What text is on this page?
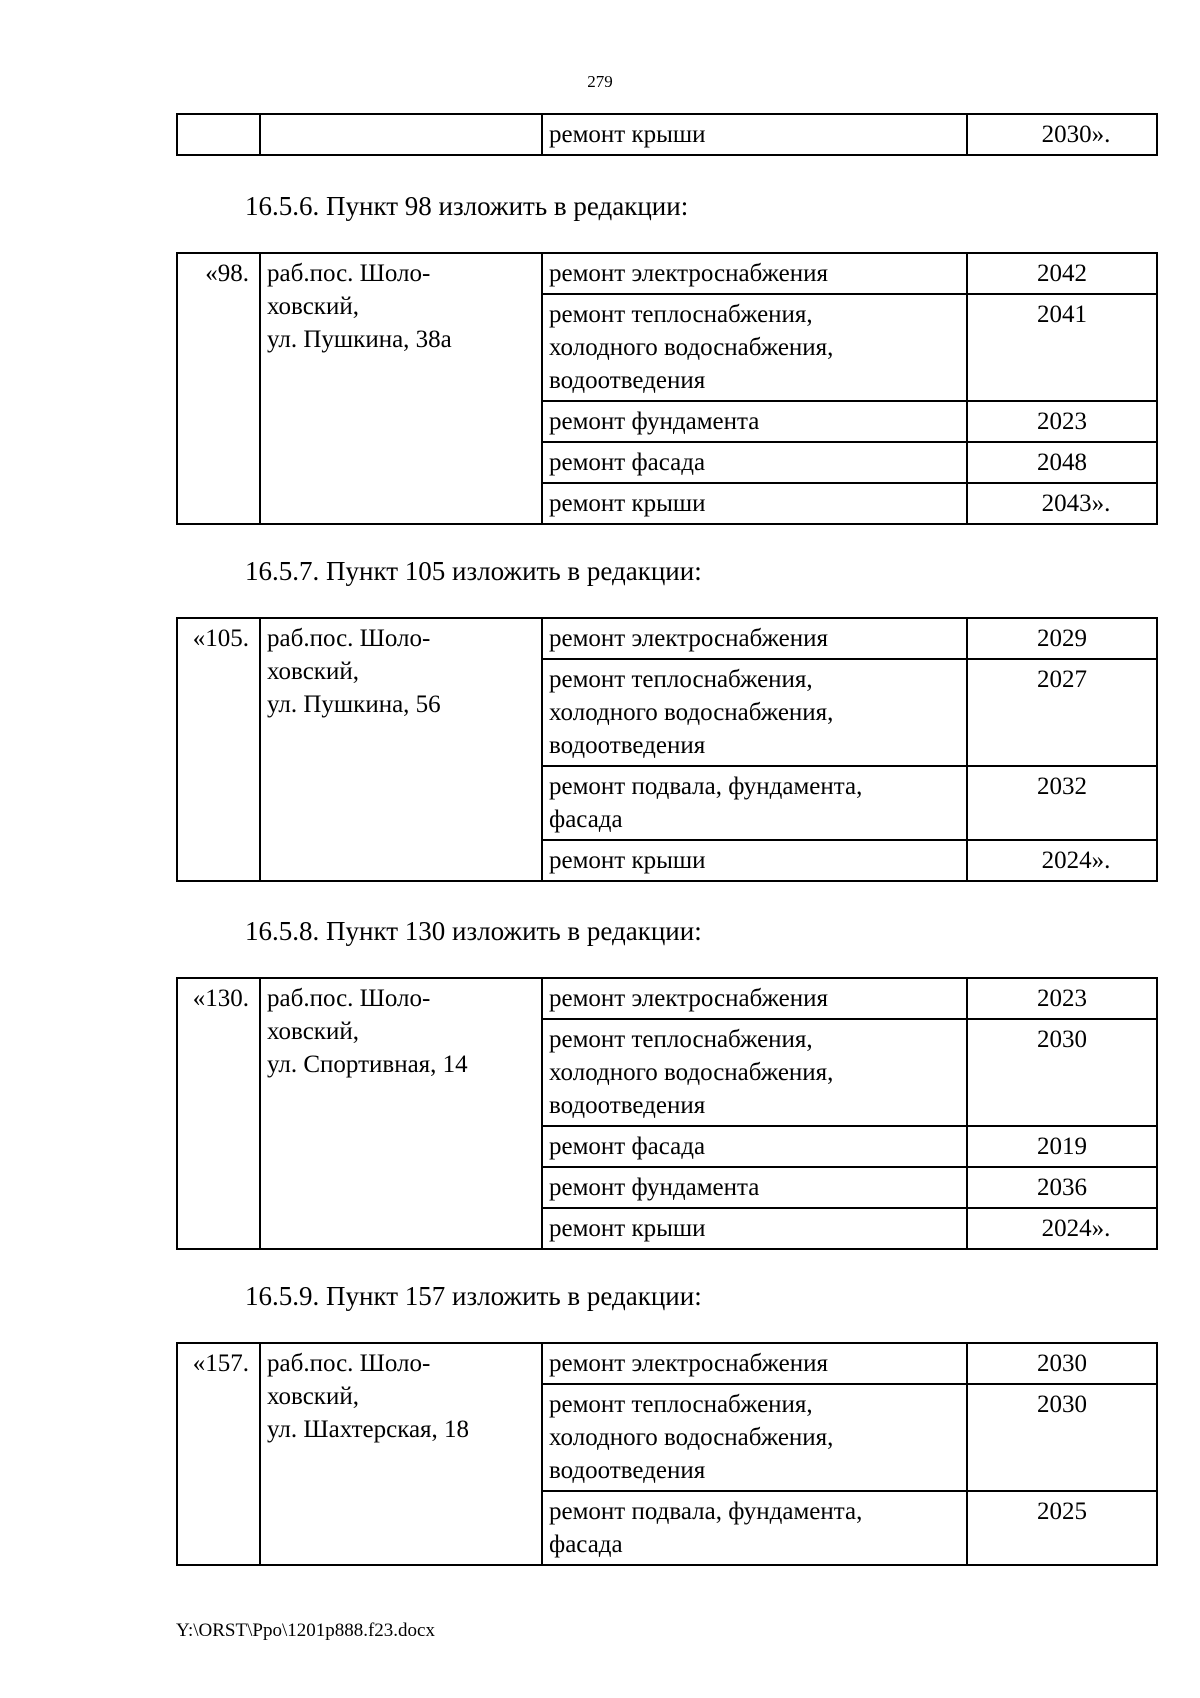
279

ремонт крыши	2030».
16.5.6. Пункт 98 изложить в редакции:
«98.	раб.пос. Шоло-
ховский,
ул. Пушкина, 38а	ремонт электроснабжения	2042

		ремонт теплоснабжения,
холодного водоснабжения,
водоотведения	2041

		ремонт фундамента	2023

		ремонт фасада	2048

		ремонт крыши	2043».
16.5.7. Пункт 105 изложить в редакции:
«105.	раб.пос. Шоло-
ховский,
ул. Пушкина, 56	ремонт электроснабжения	2029

		ремонт теплоснабжения,
холодного водоснабжения,
водоотведения	2027

		ремонт подвала, фундамента,
фасада	2032

		ремонт крыши	2024».
16.5.8. Пункт 130 изложить в редакции:
«130.	раб.пос. Шоло-
ховский,
ул. Спортивная, 14	ремонт электроснабжения	2023

		ремонт теплоснабжения,
холодного водоснабжения,
водоотведения	2030

		ремонт фасада	2019

		ремонт фундамента	2036

		ремонт крыши	2024».
16.5.9. Пункт 157 изложить в редакции:
«157.	раб.пос. Шоло-
ховский,
ул. Шахтерская, 18	ремонт электроснабжения	2030

		ремонт теплоснабжения,
холодного водоснабжения,
водоотведения	2030

		ремонт подвала, фундамента,
фасада	2025
Y:\ORST\Ppo\1201p888.f23.docx
